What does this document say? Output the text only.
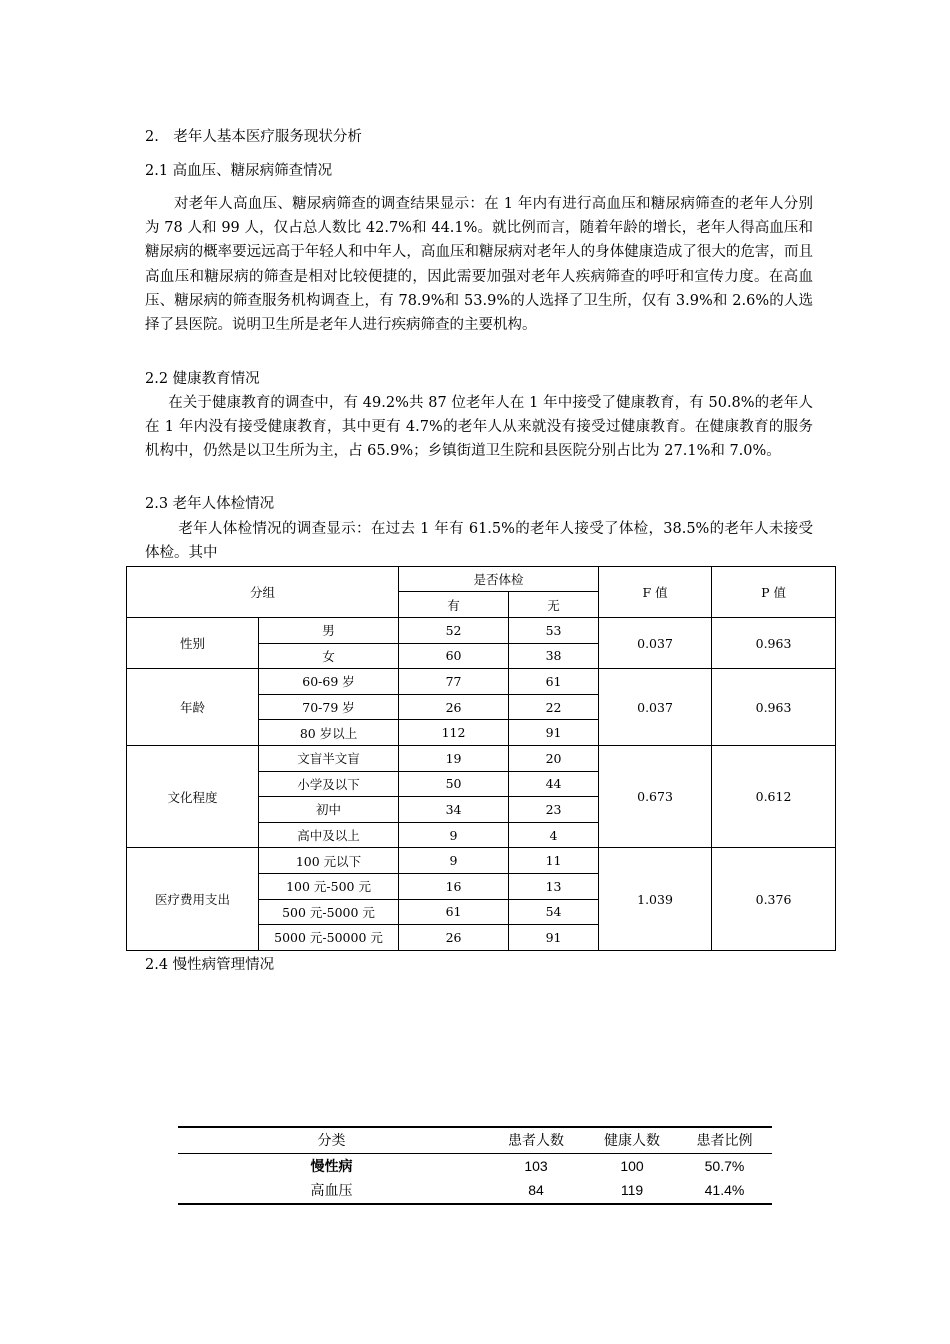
2.　老年人基本医疗服务现状分析
2.1 高血压、糖尿病筛查情况

对老年人高血压、糖尿病筛查的调查结果显示：在 1 年内有进行高血压和糖尿病筛查的老年人分别为 78 人和 99 人，仅占总人数比 42.7%和 44.1%。就比例而言，随着年龄的增长，老年人得高血压和糖尿病的概率要远远高于年轻人和中年人，高血压和糖尿病对老年人的身体健康造成了很大的危害，而且高血压和糖尿病的筛查是相对比较便捷的，因此需要加强对老年人疾病筛查的呼吁和宣传力度。在高血压、糖尿病的筛查服务机构调查上，有 78.9%和 53.9%的人选择了卫生所，仅有 3.9%和 2.6%的人选择了县医院。说明卫生所是老年人进行疾病筛查的主要机构。

2.2 健康教育情况

在关于健康教育的调查中，有 49.2%共 87 位老年人在 1 年中接受了健康教育，有 50.8%的老年人在 1 年内没有接受健康教育，其中更有 4.7%的老年人从来就没有接受过健康教育。在健康教育的服务机构中，仍然是以卫生所为主，占 65.9%；乡镇街道卫生院和县医院分别占比为 27.1%和 7.0%。

2.3 老年人体检情况

老年人体检情况的调查显示：在过去 1 年有 61.5%的老年人接受了体检，38.5%的老年人未接受体检。其中

分组		是否体检		F 值	P 值
		有	无		
性别	男	52	53	0.037	0.963
	女	60	38		
年龄	60-69 岁	77	61	0.037	0.963
	70-79 岁	26	22		
	80 岁以上	112	91		
文化程度	文盲半文盲	19	20	0.673	0.612
	小学及以下	50	44		
	初中	34	23		
	高中及以上	9	4		
医疗费用支出	100 元以下	9	11	1.039	0.376
	100 元-500 元	16	13		
	500 元-5000 元	61	54		
	5000 元-50000 元	26	91		
2.4 慢性病管理情况
分类	患者人数	健康人数	患者比例
慢性病	103	100	50.7%
高血压	84	119	41.4%
